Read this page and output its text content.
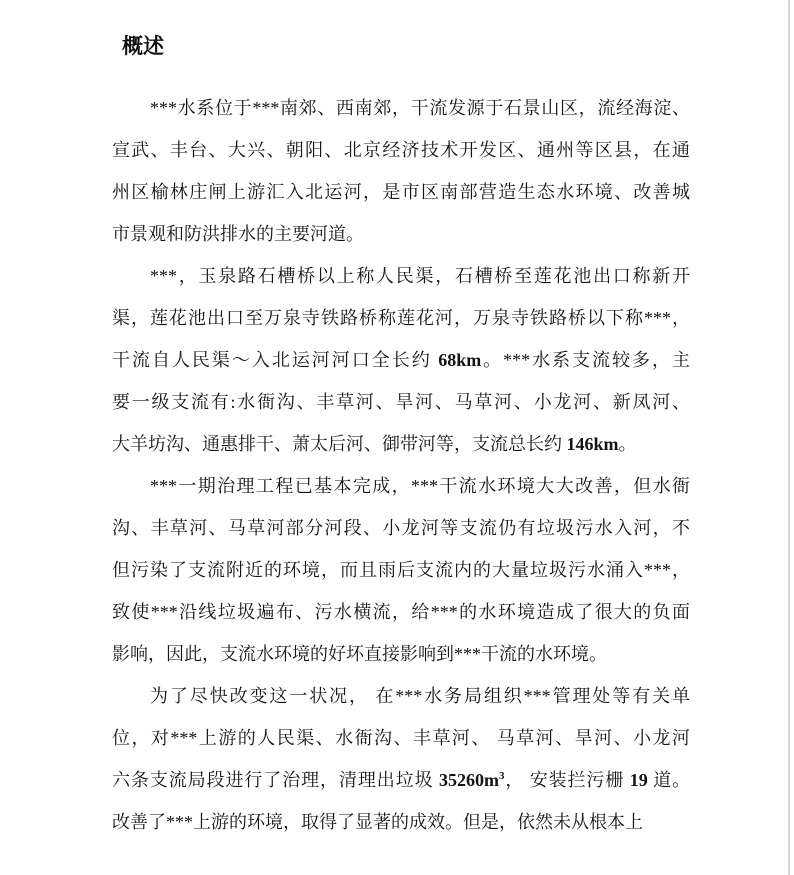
概述
***水系位于***南郊、西南郊，干流发源于石景山区，流经海淀、
宣武、丰台、大兴、朝阳、北京经济技术开发区、通州等区县，在通
州区榆林庄闸上游汇入北运河，是市区南部营造生态水环境、改善城
市景观和防洪排水的主要河道。
***，玉泉路石槽桥以上称人民渠，石槽桥至莲花池出口称新开
渠，莲花池出口至万泉寺铁路桥称莲花河，万泉寺铁路桥以下称***，
干流自人民渠～入北运河河口全长约 68km。***水系支流较多，主
要一级支流有:水衙沟、丰草河、旱河、马草河、小龙河、新凤河、
大羊坊沟、通惠排干、萧太后河、御带河等，支流总长约 146km。
***一期治理工程已基本完成，***干流水环境大大改善，但水衙
沟、丰草河、马草河部分河段、小龙河等支流仍有垃圾污水入河，不
但污染了支流附近的环境，而且雨后支流内的大量垃圾污水涌入***，
致使***沿线垃圾遍布、污水横流，给***的水环境造成了很大的负面
影响，因此，支流水环境的好坏直接影响到***干流的水环境。
为了尽快改变这一状况， 在***水务局组织***管理处等有关单
位，对***上游的人民渠、水衙沟、丰草河、 马草河、旱河、小龙河
六条支流局段进行了治理，清理出垃圾 $35260m^3$， 安装拦污栅 19 道。
改善了***上游的环境，取得了显著的成效。但是，依然未从根本上
